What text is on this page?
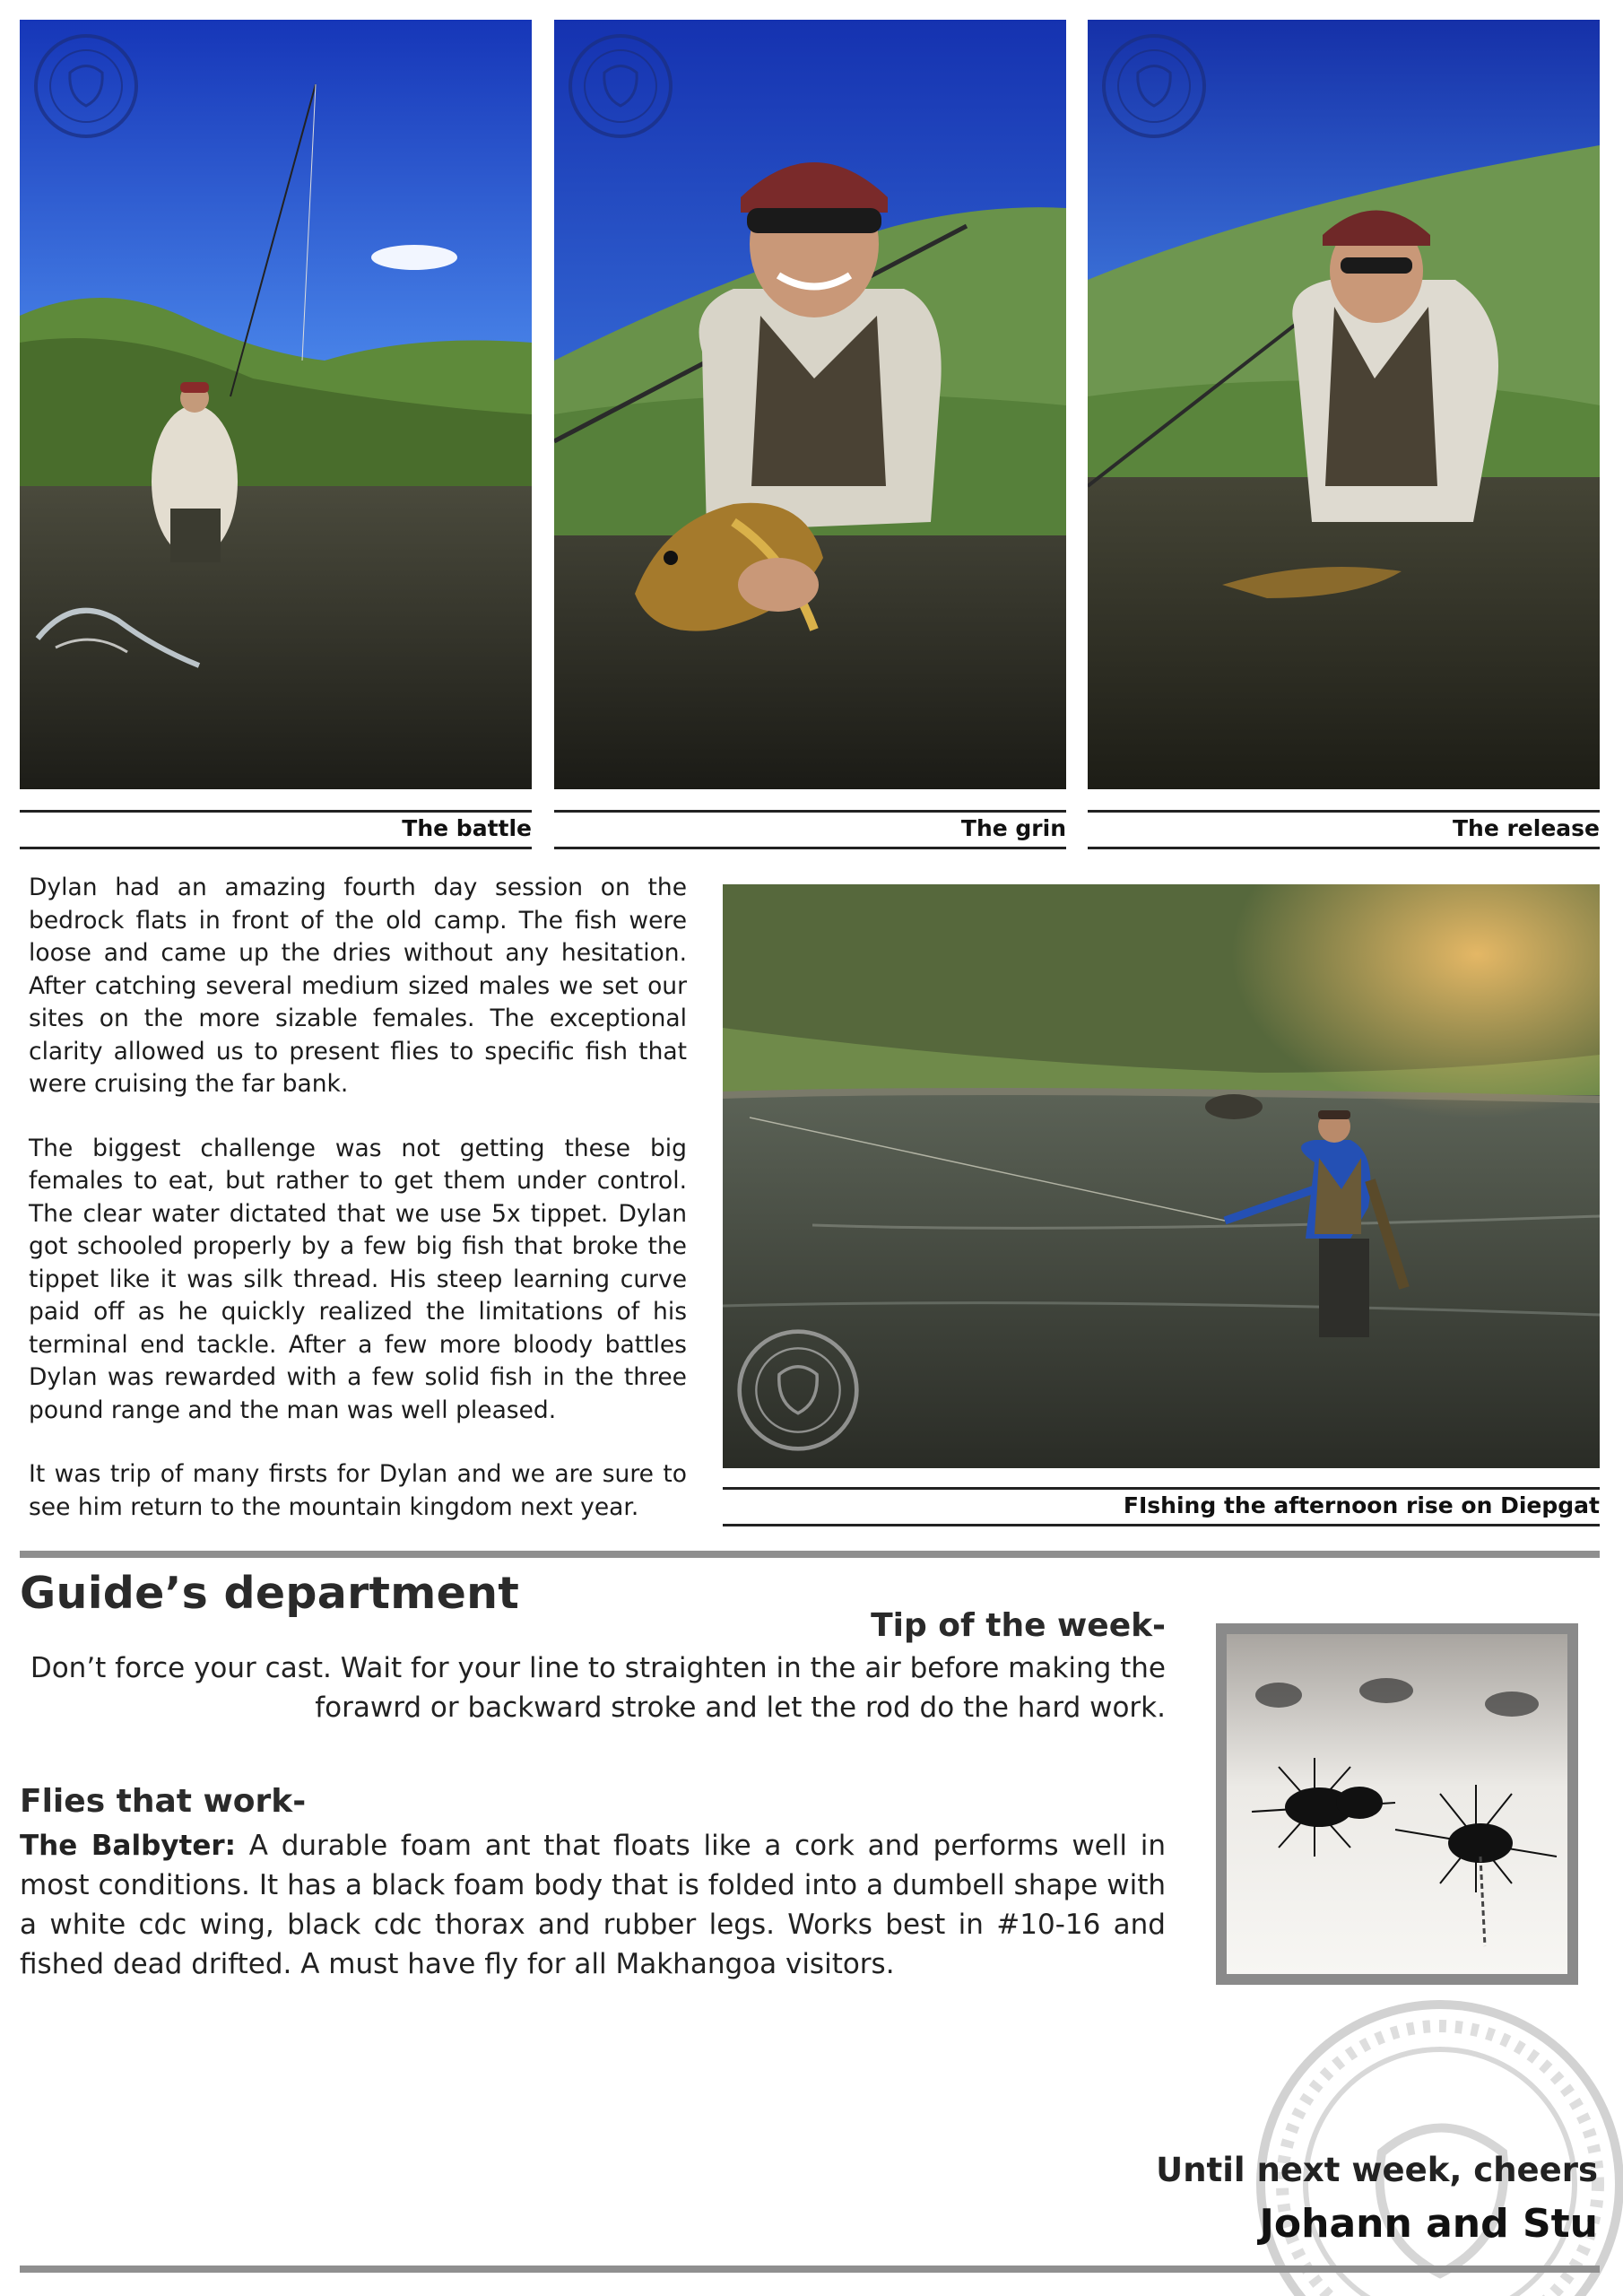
The battle	The grin	The release

Dylan had an amazing fourth day session on the bedrock flats in front of the old camp. The fish were loose and came up the dries without any hesitation. After catching several medium sized males we set our sites on the more sizable females. The exceptional clarity allowed us to present flies to specific fish that were cruising the far bank.

The biggest challenge was not getting these big females to eat, but rather to get them under control. The clear water dictated that we use 5x tippet. Dylan got schooled properly by a few big fish that broke the tippet like it was silk thread. His steep learning curve paid off as he quickly realized the limitations of his terminal end tackle. After a few more bloody battles Dylan was rewarded with a few solid fish in the three pound range and the man was well pleased.

It was trip of many firsts for Dylan and we are sure to see him return to the mountain kingdom next year.	FIshing the afternoon rise on Diepgat
Guide’s department
Tip of the week-
Don’t force your cast. Wait for your line to straighten in the air before making the
forawrd or backward stroke and let the rod do the hard work.
Flies that work-
The Balbyter: A durable foam ant that floats like a cork and performs well in most conditions. It has a black foam body that is folded into a dumbell shape with a white cdc wing, black cdc thorax and rubber legs. Works best in #10-16 and fished dead drifted. A must have fly for all Makhangoa visitors.
Until next week, cheers
Johann and Stu
